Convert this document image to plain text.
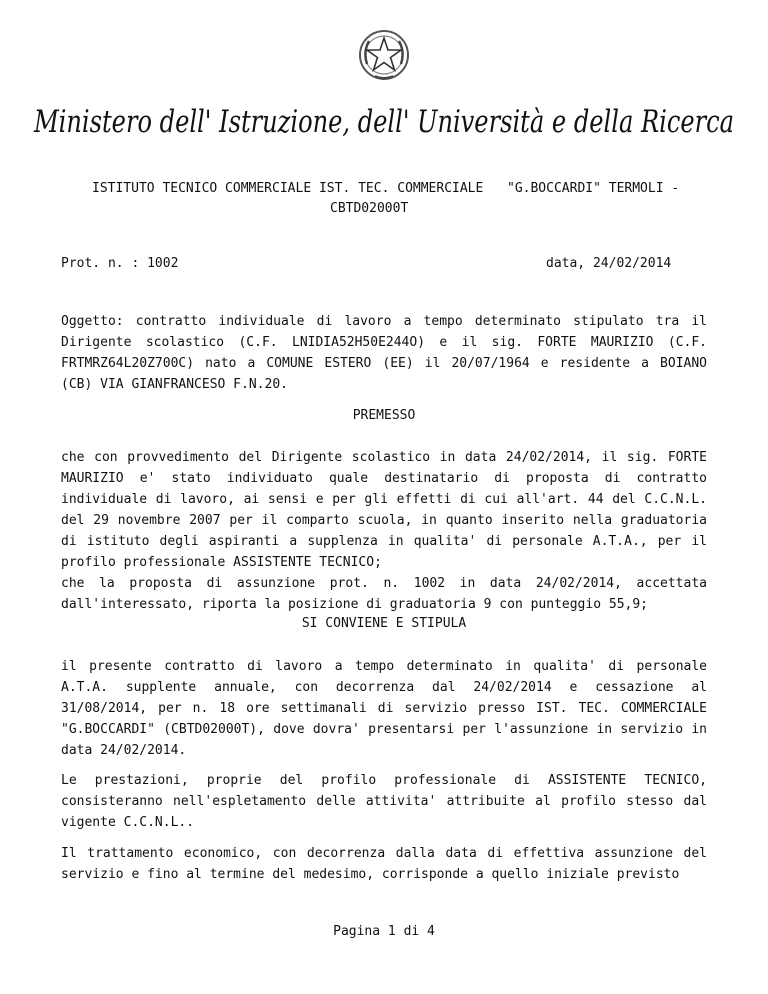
Ministero dell' Istruzione, dell' Università e della Ricerca
ISTITUTO TECNICO COMMERCIALE IST. TEC. COMMERCIALE "G.BOCCARDI" TERMOLI -
CBTD02000T
Prot. n. : 1002	data, 24/02/2014
Oggetto: contratto individuale di lavoro a tempo determinato stipulato tra il Dirigente scolastico (C.F. LNIDIA52H50E244O) e il sig. FORTE MAURIZIO (C.F. FRTMRZ64L20Z700C) nato a COMUNE ESTERO (EE) il 20/07/1964 e residente a BOIANO (CB) VIA GIANFRANCESO F.N.20.
PREMESSO
che con provvedimento del Dirigente scolastico in data 24/02/2014, il sig. FORTE MAURIZIO e' stato individuato quale destinatario di proposta di contratto individuale di lavoro, ai sensi e per gli effetti di cui all'art. 44 del C.C.N.L. del 29 novembre 2007 per il comparto scuola, in quanto inserito nella graduatoria di istituto degli aspiranti a supplenza in qualita' di personale A.T.A., per il profilo professionale ASSISTENTE TECNICO;
che la proposta di assunzione prot. n. 1002 in data 24/02/2014, accettata dall'interessato, riporta la posizione di graduatoria 9 con punteggio 55,9;
SI CONVIENE E STIPULA
il presente contratto di lavoro a tempo determinato in qualita' di personale A.T.A. supplente annuale, con decorrenza dal 24/02/2014 e cessazione al 31/08/2014, per n. 18 ore settimanali di servizio presso IST. TEC. COMMERCIALE "G.BOCCARDI" (CBTD02000T), dove dovra' presentarsi per l'assunzione in servizio in data 24/02/2014.
Le prestazioni, proprie del profilo professionale di ASSISTENTE TECNICO, consisteranno nell'espletamento delle attivita' attribuite al profilo stesso dal vigente C.C.N.L..
Il trattamento economico, con decorrenza dalla data di effettiva assunzione del servizio e fino al termine del medesimo, corrisponde a quello iniziale previsto
Pagina 1 di 4
